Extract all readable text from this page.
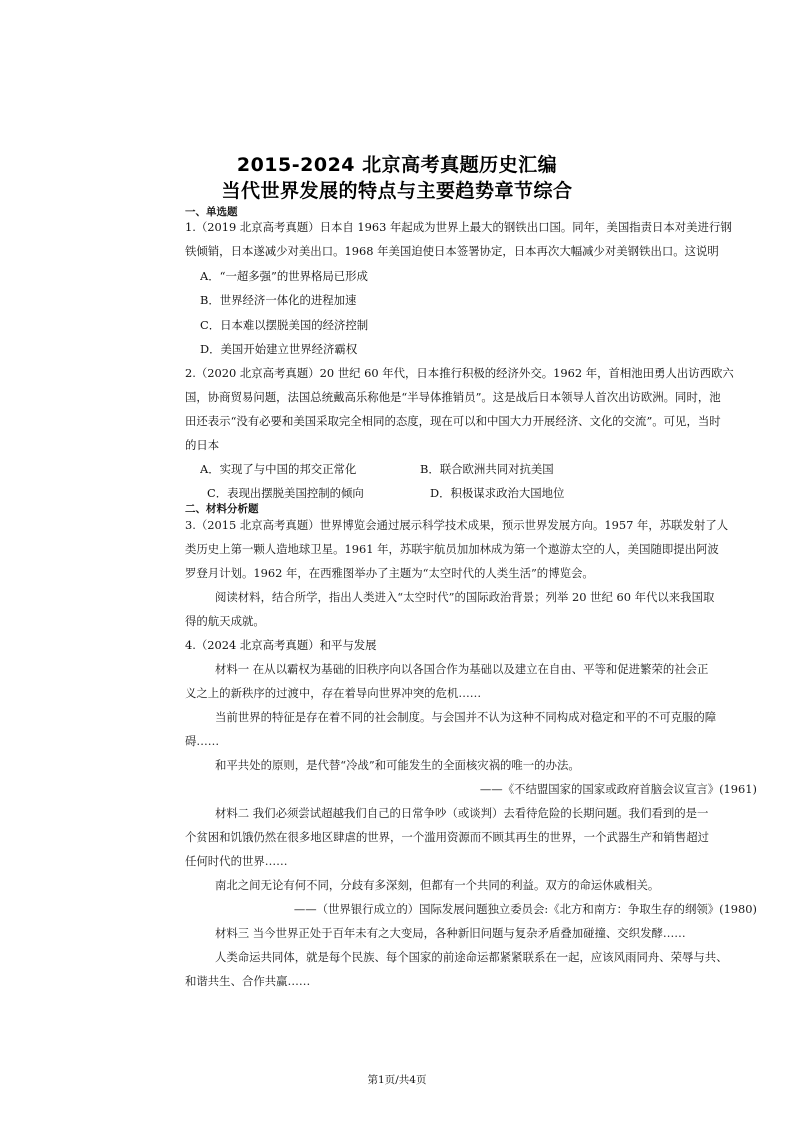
2015-2024 北京高考真题历史汇编
当代世界发展的特点与主要趋势章节综合
一、单选题
1.（2019 北京高考真题）日本自 1963 年起成为世界上最大的钢铁出口国。同年，美国指责日本对美进行钢
铁倾销，日本遂减少对美出口。1968 年美国迫使日本签署协定，日本再次大幅减少对美钢铁出口。这说明
A．“一超多强”的世界格局已形成
B．世界经济一体化的进程加速
C．日本难以摆脱美国的经济控制
D．美国开始建立世界经济霸权
2.（2020 北京高考真题）20 世纪 60 年代，日本推行积极的经济外交。1962 年，首相池田勇人出访西欧六
国，协商贸易问题，法国总统戴高乐称他是“半导体推销员”。这是战后日本领导人首次出访欧洲。同时，池
田还表示“没有必要和美国采取完全相同的态度，现在可以和中国大力开展经济、文化的交流”。可见，当时
的日本
A．实现了与中国的邦交正常化	B．联合欧洲共同对抗美国
C．表现出摆脱美国控制的倾向	D．积极谋求政治大国地位
二、材料分析题
3.（2015 北京高考真题）世界博览会通过展示科学技术成果，预示世界发展方向。1957 年，苏联发射了人
类历史上第一颗人造地球卫星。1961 年，苏联宇航员加加林成为第一个遨游太空的人，美国随即提出阿波
罗登月计划。1962 年，在西雅图举办了主题为“太空时代的人类生活”的博览会。
阅读材料，结合所学，指出人类进入“太空时代”的国际政治背景；列举 20 世纪 60 年代以来我国取
得的航天成就。
4.（2024 北京高考真题）和平与发展
材料一 在从以霸权为基础的旧秩序向以各国合作为基础以及建立在自由、平等和促进繁荣的社会正
义之上的新秩序的过渡中，存在着导向世界冲突的危机……
当前世界的特征是存在着不同的社会制度。与会国并不认为这种不同构成对稳定和平的不可克服的障
碍……
和平共处的原则，是代替“冷战”和可能发生的全面核灾祸的唯一的办法。
——《不结盟国家的国家或政府首脑会议宣言》(1961)
材料二 我们必须尝试超越我们自己的日常争吵（或谈判）去看待危险的长期问题。我们看到的是一
个贫困和饥饿仍然在很多地区肆虐的世界，一个滥用资源而不顾其再生的世界，一个武器生产和销售超过
任何时代的世界……
南北之间无论有何不同，分歧有多深刻，但都有一个共同的利益。双方的命运休戚相关。
——（世界银行成立的）国际发展问题独立委员会:《北方和南方：争取生存的纲领》(1980)
材料三 当今世界正处于百年未有之大变局，各种新旧问题与复杂矛盾叠加碰撞、交织发酵……
人类命运共同体，就是每个民族、每个国家的前途命运都紧紧联系在一起，应该风雨同舟、荣辱与共、
和谐共生、合作共赢……
第1页/共4页
